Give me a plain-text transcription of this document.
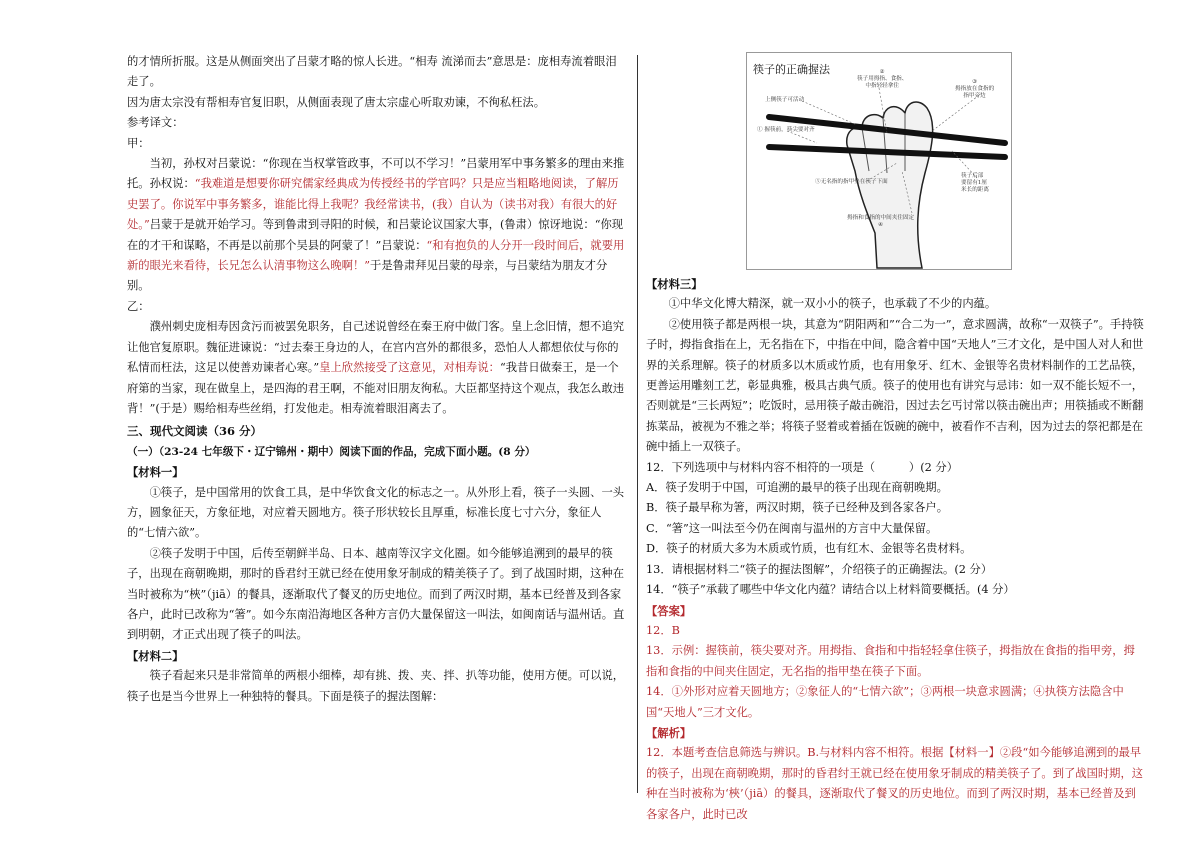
的才情所折服。这是从侧面突出了吕蒙才略的惊人长进。“相寿 流涕而去”意思是：庞相寿流着眼泪走了。

因为唐太宗没有帮相寿官复旧职，从侧面表现了唐太宗虚心听取劝谏，不徇私枉法。

参考译文：

甲：

当初，孙权对吕蒙说：“你现在当权掌管政事，不可以不学习！”吕蒙用军中事务繁多的理由来推托。孙权说：“我难道是想要你研究儒家经典成为传授经书的学官吗？只是应当粗略地阅读，了解历史罢了。你说军中事务繁多，谁能比得上我呢？我经常读书，(我）自认为（读书对我）有很大的好处。”吕蒙于是就开始学习。等到鲁肃到寻阳的时候，和吕蒙论议国家大事，(鲁肃）惊讶地说：“你现在的才干和谋略，不再是以前那个吴县的阿蒙了！”吕蒙说：“和有抱负的人分开一段时间后，就要用新的眼光来看待，长兄怎么认清事物这么晚啊！”于是鲁肃拜见吕蒙的母亲，与吕蒙结为朋友才分别。

乙：

濮州刺史庞相寿因贪污而被罢免职务，自己述说曾经在秦王府中做门客。皇上念旧情，想不追究让他官复原职。魏征进谏说：“过去秦王身边的人，在宫内宫外的都很多，恐怕人人都想依仗与你的私情而枉法，这足以使善劝谏者心寒。”皇上欣然接受了这意见，对相寿说：“我昔日做秦王，是一个府第的当家，现在做皇上，是四海的君王啊，不能对旧朋友徇私。大臣都坚持这个观点，我怎么敢违背！”(于是）赐给相寿些丝绢，打发他走。相寿流着眼泪离去了。

三、现代文阅读（36 分）

（一）（23-24 七年级下・辽宁锦州・期中）阅读下面的作品，完成下面小题。(8 分）

【材料一】

①筷子，是中国常用的饮食工具，是中华饮食文化的标志之一。从外形上看，筷子一头圆、一头方，圆象征天，方象征地，对应着天圆地方。筷子形状较长且厚重，标准长度七寸六分，象征人的“七情六欲”。

②筷子发明于中国，后传至朝鲜半岛、日本、越南等汉字文化圈。如今能够追溯到的最早的筷子，出现在商朝晚期，那时的昏君纣王就已经在使用象牙制成的精美筷子了。到了战国时期，这种在当时被称为“梜”（jiā）的餐具，逐渐取代了餐叉的历史地位。而到了两汉时期，基本已经普及到各家各户，此时已改称为“箸”。如今东南沿海地区各种方言仍大量保留这一叫法，如闽南话与温州话。直到明朝，才正式出现了筷子的叫法。

【材料二】

筷子看起来只是非常简单的两根小细棒，却有挑、拨、夹、拌、扒等功能，使用方便。可以说，筷子也是当今世界上一种独特的餐具。下面是筷子的握法图解：

筷子的正确握法
上侧筷子可活动
① 握筷前，筷尖要对齐
②
筷子用拇指、食指、
中指轻轻拿住
③
拇指放在食指的
指甲旁边
⑤无名指的指甲垫在筷子下面
筷子后部
要留有1厘
米长的距离
拇指和食指的中间夹住固定
④

【材料三】

①中华文化博大精深，就一双小小的筷子，也承载了不少的内蕴。

②使用筷子都是两根一块，其意为“阴阳两和”“合二为一”，意求圆满，故称“一双筷子”。手持筷子时，拇指食指在上，无名指在下，中指在中间，隐含着中国“天地人”三才文化，是中国人对人和世界的关系理解。筷子的材质多以木质或竹质，也有用象牙、红木、金银等名贵材料制作的工艺品筷，更善运用雕刻工艺，彰显典雅，极具古典气质。筷子的使用也有讲究与忌讳：如一双不能长短不一，否则就是“三长两短”；吃饭时，忌用筷子敲击碗沿，因过去乞丐讨常以筷击碗出声；用筷插或不断翻拣菜品，被视为不雅之举；将筷子竖着或着插在饭碗的碗中，被看作不吉利，因为过去的祭祀都是在碗中插上一双筷子。

12．下列选项中与材料内容不相符的一项是（　　　）(2 分）

A．筷子发明于中国，可追溯的最早的筷子出现在商朝晚期。

B．筷子最早称为箸，两汉时期，筷子已经种及到各家各户。

C．“箸”这一叫法至今仍在闽南与温州的方言中大量保留。

D．筷子的材质大多为木质或竹质，也有红木、金银等名贵材料。

13．请根据材料二“筷子的握法图解”，介绍筷子的正确握法。(2 分）

14．“筷子”承载了哪些中华文化内蕴？请结合以上材料简要概括。(4 分）

【答案】

12．B

13．示例：握筷前，筷尖要对齐。用拇指、食指和中指轻轻拿住筷子，拇指放在食指的指甲旁，拇指和食指的中间夹住固定，无名指的指甲垫在筷子下面。

14．①外形对应着天圆地方；②象征人的“七情六欲”；③两根一块意求圆满；④执筷方法隐含中国“天地人”三才文化。

【解析】

12．本题考查信息筛选与辨识。B.与材料内容不相符。根据【材料一】②段“如今能够追溯到的最早的筷子，出现在商朝晚期，那时的昏君纣王就已经在使用象牙制成的精美筷子了。到了战国时期，这种在当时被称为‘梜’（jiā）的餐具，逐渐取代了餐叉的历史地位。而到了两汉时期，基本已经普及到各家各户，此时已改
